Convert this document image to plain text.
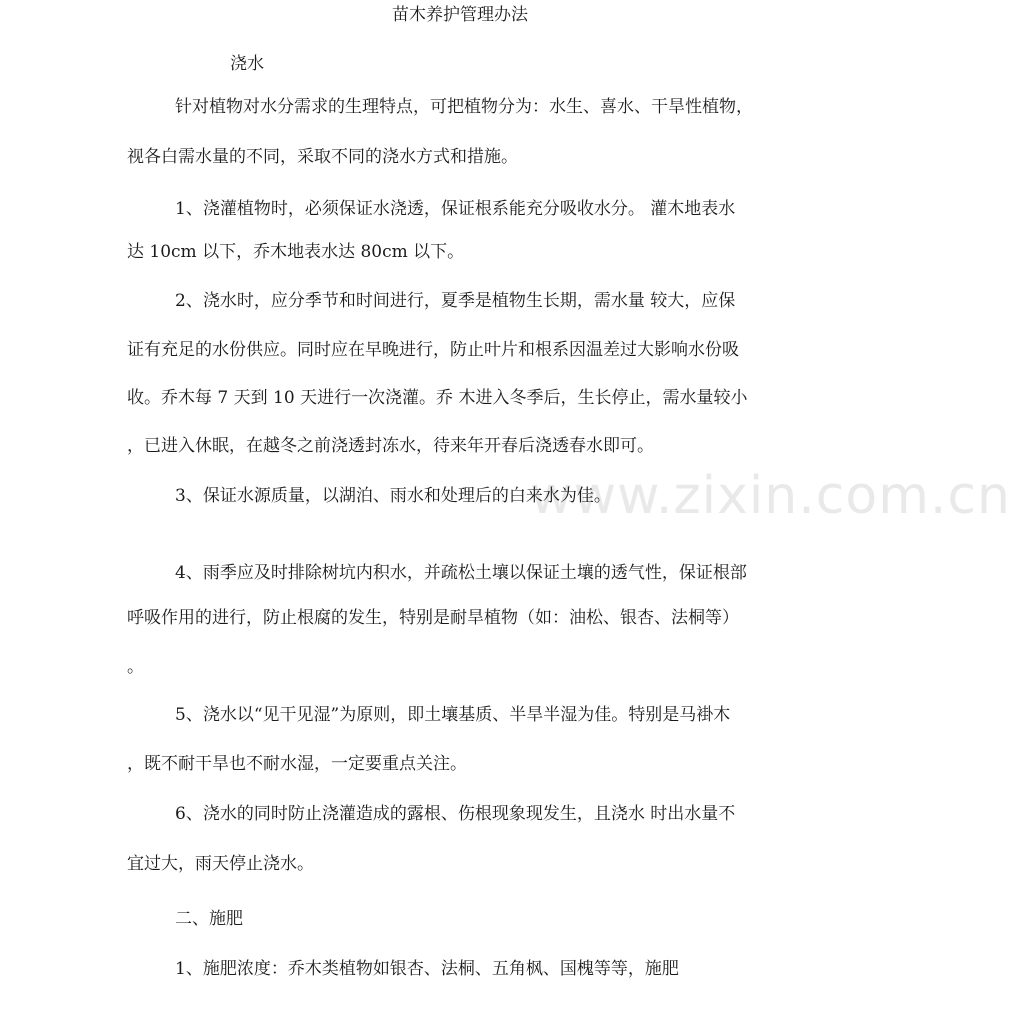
www.zixin.com.cn
苗木养护管理办法
浇水
针对植物对水分需求的生理特点，可把植物分为：水生、喜水、干旱性植物，
视各白需水量的不同，采取不同的浇水方式和措施。
1、浇灌植物时，必须保证水浇透，保证根系能充分吸收水分。 灌木地表水
达 10cm 以下，乔木地表水达 80cm 以下。
2、浇水时，应分季节和时间进行，夏季是植物生长期，需水量 较大，应保
证有充足的水份供应。同时应在早晚进行，防止叶片和根系因温差过大影响水份吸
收。乔木每 7 天到 10 天进行一次浇灌。乔 木进入冬季后，生长停止，需水量较小
，已进入休眠，在越冬之前浇透封冻水，待来年开春后浇透春水即可。
3、保证水源质量，以湖泊、雨水和处理后的白来水为佳。
4、雨季应及时排除树坑内积水，并疏松土壤以保证土壤的透气性，保证根部
呼吸作用的进行，防止根腐的发生，特别是耐旱植物（如：油松、银杏、法桐等）
。
5、浇水以“见干见湿”为原则，即土壤基质、半旱半湿为佳。特别是马褂木
，既不耐干旱也不耐水湿，一定要重点关注。
6、浇水的同时防止浇灌造成的露根、伤根现象现发生，且浇水 时出水量不
宜过大，雨天停止浇水。
二、施肥
1、施肥浓度：乔木类植物如银杏、法桐、五角枫、国槐等等，施肥
